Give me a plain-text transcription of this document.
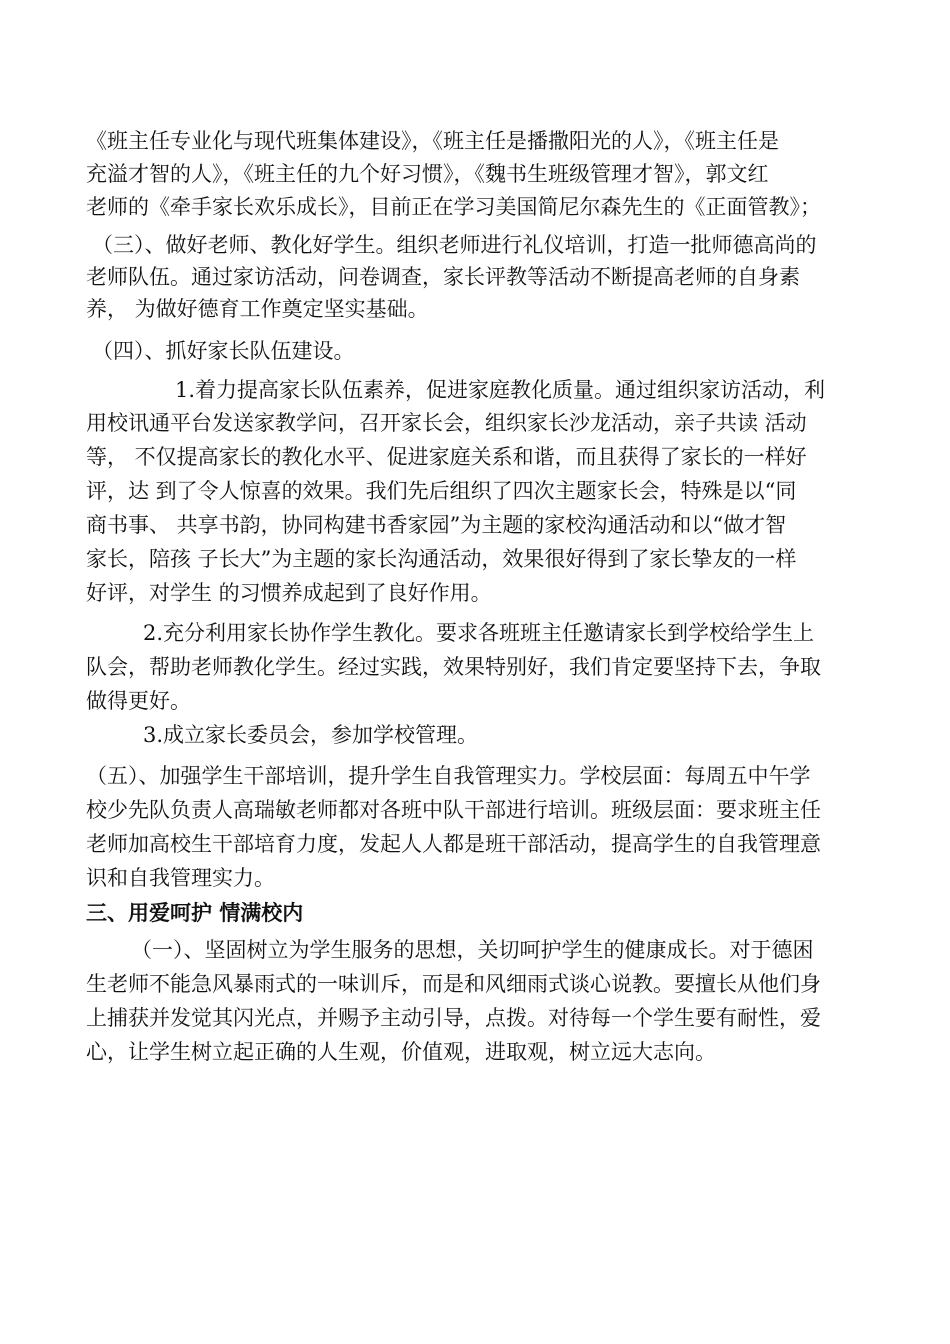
《班主任专业化与现代班集体建设》，《班主任是播撒阳光的人》，《班主任是

充溢才智的人》，《班主任的九个好习惯》，《魏书生班级管理才智》，郭文红

老师的《牵手家长欢乐成长》，目前正在学习美国简尼尔森先生的《正面管教》；

（三）、做好老师、教化好学生。组织老师进行礼仪培训，打造一批师德高尚的

老师队伍。通过家访活动，问卷调查，家长评教等活动不断提高老师的自身素

养， 为做好德育工作奠定坚实基础。

（四）、抓好家长队伍建设。

1.着力提高家长队伍素养，促进家庭教化质量。通过组织家访活动，利

用校讯通平台发送家教学问，召开家长会，组织家长沙龙活动，亲子共读 活动

等， 不仅提高家长的教化水平、促进家庭关系和谐，而且获得了家长的一样好

评，达 到了令人惊喜的效果。我们先后组织了四次主题家长会，特殊是以“同

商书事、 共享书韵，协同构建书香家园”为主题的家校沟通活动和以“做才智

家长，陪孩 子长大”为主题的家长沟通活动，效果很好得到了家长挚友的一样

好评，对学生 的习惯养成起到了良好作用。

2.充分利用家长协作学生教化。要求各班班主任邀请家长到学校给学生上

队会，帮助老师教化学生。经过实践，效果特别好，我们肯定要坚持下去，争取

做得更好。

3.成立家长委员会，参加学校管理。

（五）、加强学生干部培训，提升学生自我管理实力。学校层面：每周五中午学

校少先队负责人高瑞敏老师都对各班中队干部进行培训。班级层面：要求班主任

老师加高校生干部培育力度，发起人人都是班干部活动，提高学生的自我管理意

识和自我管理实力。

三、用爱呵护 情满校内

（一）、坚固树立为学生服务的思想，关切呵护学生的健康成长。对于德困

生老师不能急风暴雨式的一味训斥，而是和风细雨式谈心说教。要擅长从他们身

上捕获并发觉其闪光点，并赐予主动引导，点拨。对待每一个学生要有耐性，爱

心，让学生树立起正确的人生观，价值观，进取观，树立远大志向。
